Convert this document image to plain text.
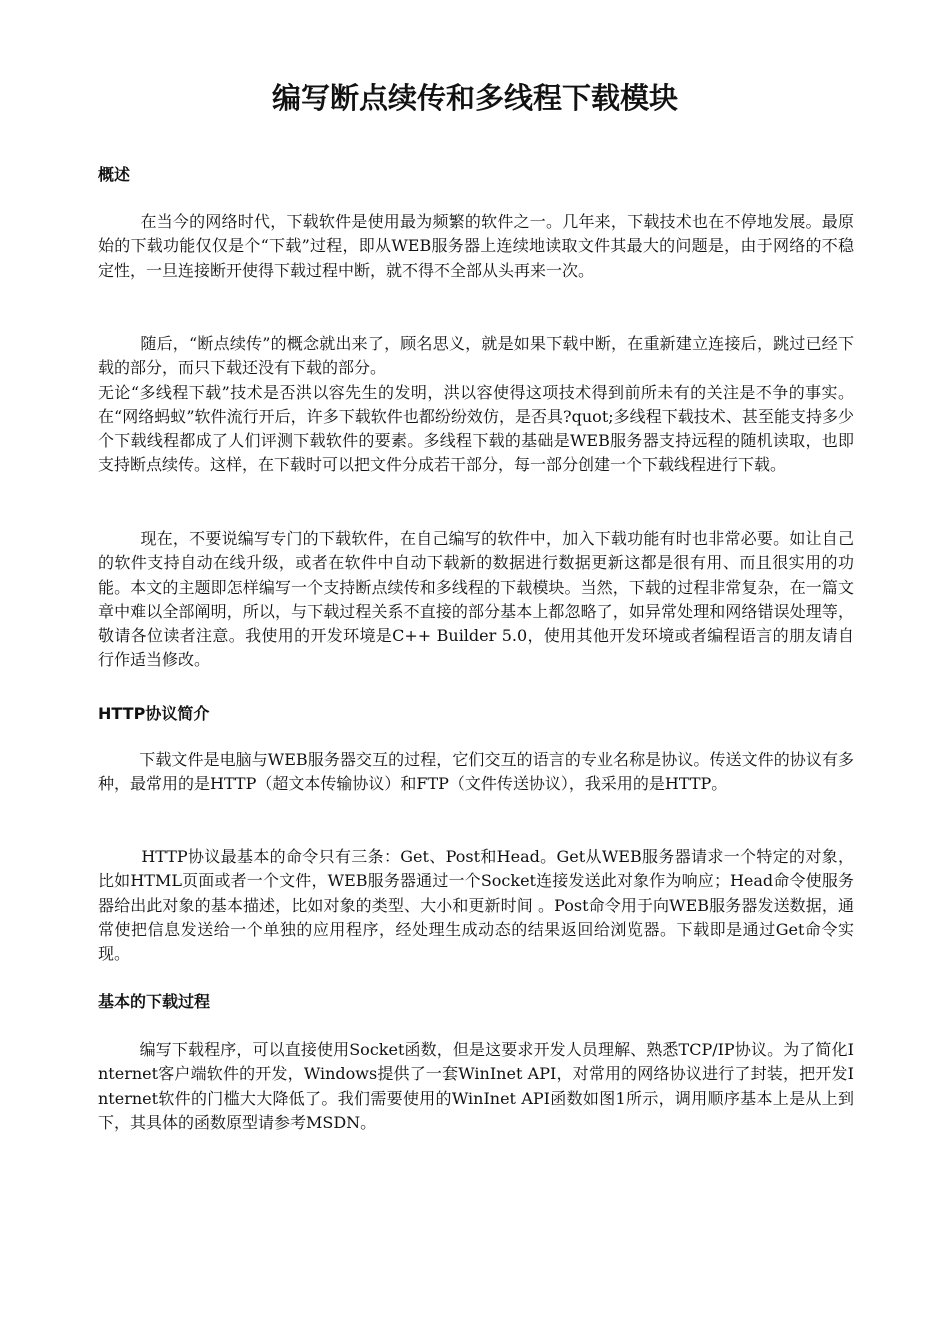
编写断点续传和多线程下载模块
概述

在当今的网络时代，下载软件是使用最为频繁的软件之一。几年来，下载技术也在不停地发展。最原始的下载功能仅仅是个“下载”过程，即从WEB服务器上连续地读取文件其最大的问题是，由于网络的不稳定性，一旦连接断开使得下载过程中断，就不得不全部从头再来一次。

随后，“断点续传”的概念就出来了，顾名思义，就是如果下载中断，在重新建立连接后，跳过已经下载的部分，而只下载还没有下载的部分。
无论“多线程下载”技术是否洪以容先生的发明，洪以容使得这项技术得到前所未有的关注是不争的事实。在“网络蚂蚁”软件流行开后，许多下载软件也都纷纷效仿，是否具?quot;多线程下载技术、甚至能支持多少个下载线程都成了人们评测下载软件的要素。多线程下载的基础是WEB服务器支持远程的随机读取，也即支持断点续传。这样，在下载时可以把文件分成若干部分，每一部分创建一个下载线程进行下载。

现在，不要说编写专门的下载软件，在自己编写的软件中，加入下载功能有时也非常必要。如让自己的软件支持自动在线升级，或者在软件中自动下载新的数据进行数据更新这都是很有用、而且很实用的功能。本文的主题即怎样编写一个支持断点续传和多线程的下载模块。当然，下载的过程非常复杂，在一篇文章中难以全部阐明，所以，与下载过程关系不直接的部分基本上都忽略了，如异常处理和网络错误处理等，敬请各位读者注意。我使用的开发环境是C++ Builder 5.0，使用其他开发环境或者编程语言的朋友请自行作适当修改。

HTTP协议简介

下载文件是电脑与WEB服务器交互的过程，它们交互的语言的专业名称是协议。传送文件的协议有多种，最常用的是HTTP（超文本传输协议）和FTP（文件传送协议），我采用的是HTTP。

HTTP协议最基本的命令只有三条：Get、Post和Head。Get从WEB服务器请求一个特定的对象，比如HTML页面或者一个文件，WEB服务器通过一个Socket连接发送此对象作为响应；Head命令使服务器给出此对象的基本描述，比如对象的类型、大小和更新时间 。Post命令用于向WEB服务器发送数据，通常使把信息发送给一个单独的应用程序，经处理生成动态的结果返回给浏览器。下载即是通过Get命令实现。

基本的下载过程

编写下载程序，可以直接使用Socket函数，但是这要求开发人员理解、熟悉TCP/IP协议。为了简化Internet客户端软件的开发，Windows提供了一套WinInet API，对常用的网络协议进行了封装，把开发Internet软件的门槛大大降低了。我们需要使用的WinInet API函数如图1所示，调用顺序基本上是从上到下，其具体的函数原型请参考MSDN。
